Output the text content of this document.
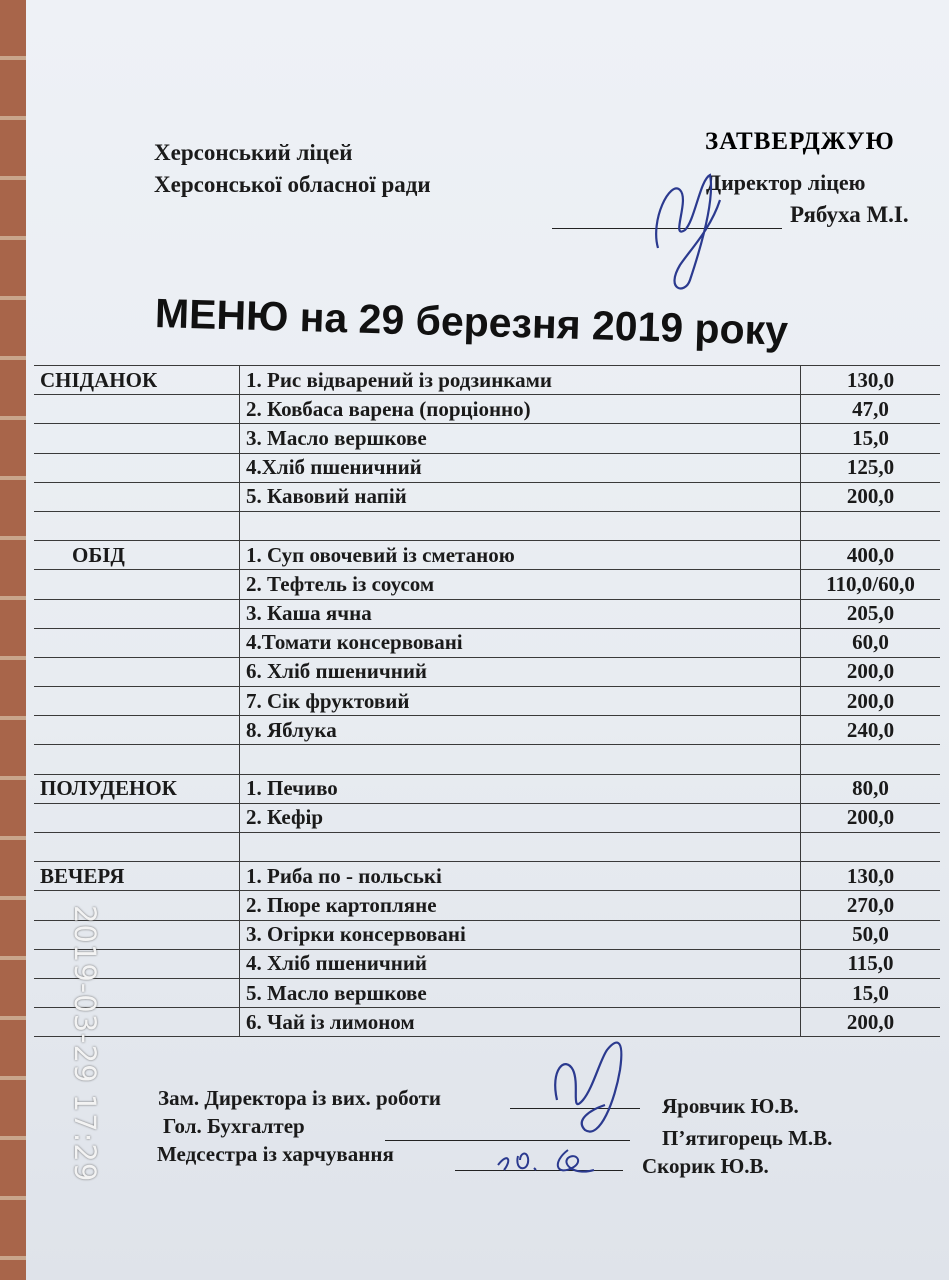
Херсонський ліцей
Херсонської обласної ради
ЗАТВЕРДЖУЮ
Директор ліцею
Рябуха М.І.
МЕНЮ на 29 березня 2019 року
СНІДАНОК	1. Рис відварений із родзинками	130,0
	2. Ковбаса варена (порціонно)	47,0
	3. Масло вершкове	15,0
	4.Хліб пшеничний	125,0
	5. Кавовий напій	200,0

ОБІД	1. Суп овочевий із сметаною	400,0
	2. Тефтель із соусом	110,0/60,0
	3. Каша ячна	205,0
	4.Томати консервовані	60,0
	6. Хліб пшеничний	200,0
	7. Сік фруктовий	200,0
	8. Яблука	240,0

ПОЛУДЕНОК	1. Печиво	80,0
	2. Кефір	200,0

ВЕЧЕРЯ	1. Риба по - польські	130,0
	2. Пюре картопляне	270,0
	3. Огірки консервовані	50,0
	4. Хліб пшеничний	115,0
	5. Масло вершкове	15,0
	6. Чай із лимоном	200,0
Зам. Директора із вих. роботи	Яровчик Ю.В.
Гол. Бухгалтер	П’ятигорець М.В.
Медсестра із харчування	Скорик Ю.В.
2019-03-29 17:29
